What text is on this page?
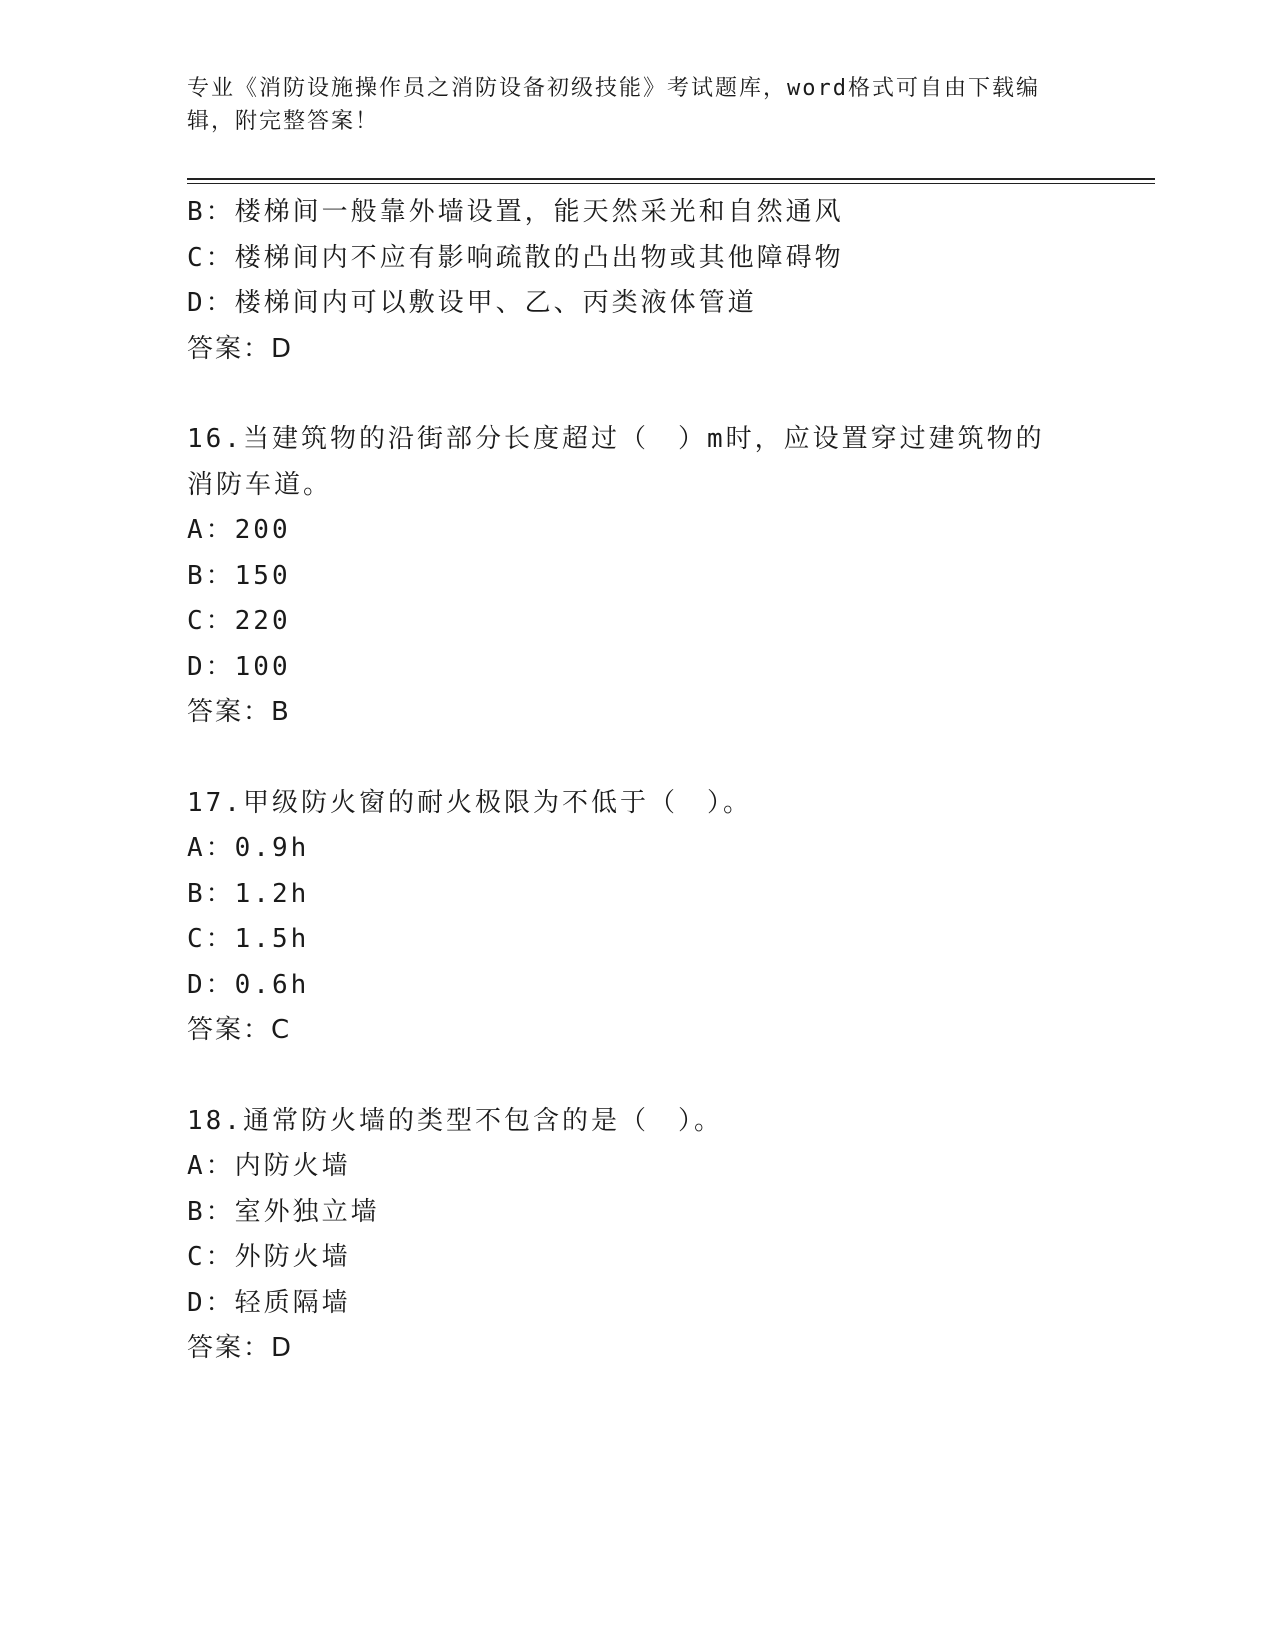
专业《消防设施操作员之消防设备初级技能》考试题库，word格式可自由下载编
辑，附完整答案！
B：楼梯间一般靠外墙设置，能天然采光和自然通风
C：楼梯间内不应有影响疏散的凸出物或其他障碍物
D：楼梯间内可以敷设甲、乙、丙类液体管道
答案：D
16.当建筑物的沿街部分长度超过（　）m时，应设置穿过建筑物的消防车道。
A：200
B：150
C：220
D：100
答案：B
17.甲级防火窗的耐火极限为不低于（　）。
A：0.9h
B：1.2h
C：1.5h
D：0.6h
答案：C
18.通常防火墙的类型不包含的是（　）。
A：内防火墙
B：室外独立墙
C：外防火墙
D：轻质隔墙
答案：D
